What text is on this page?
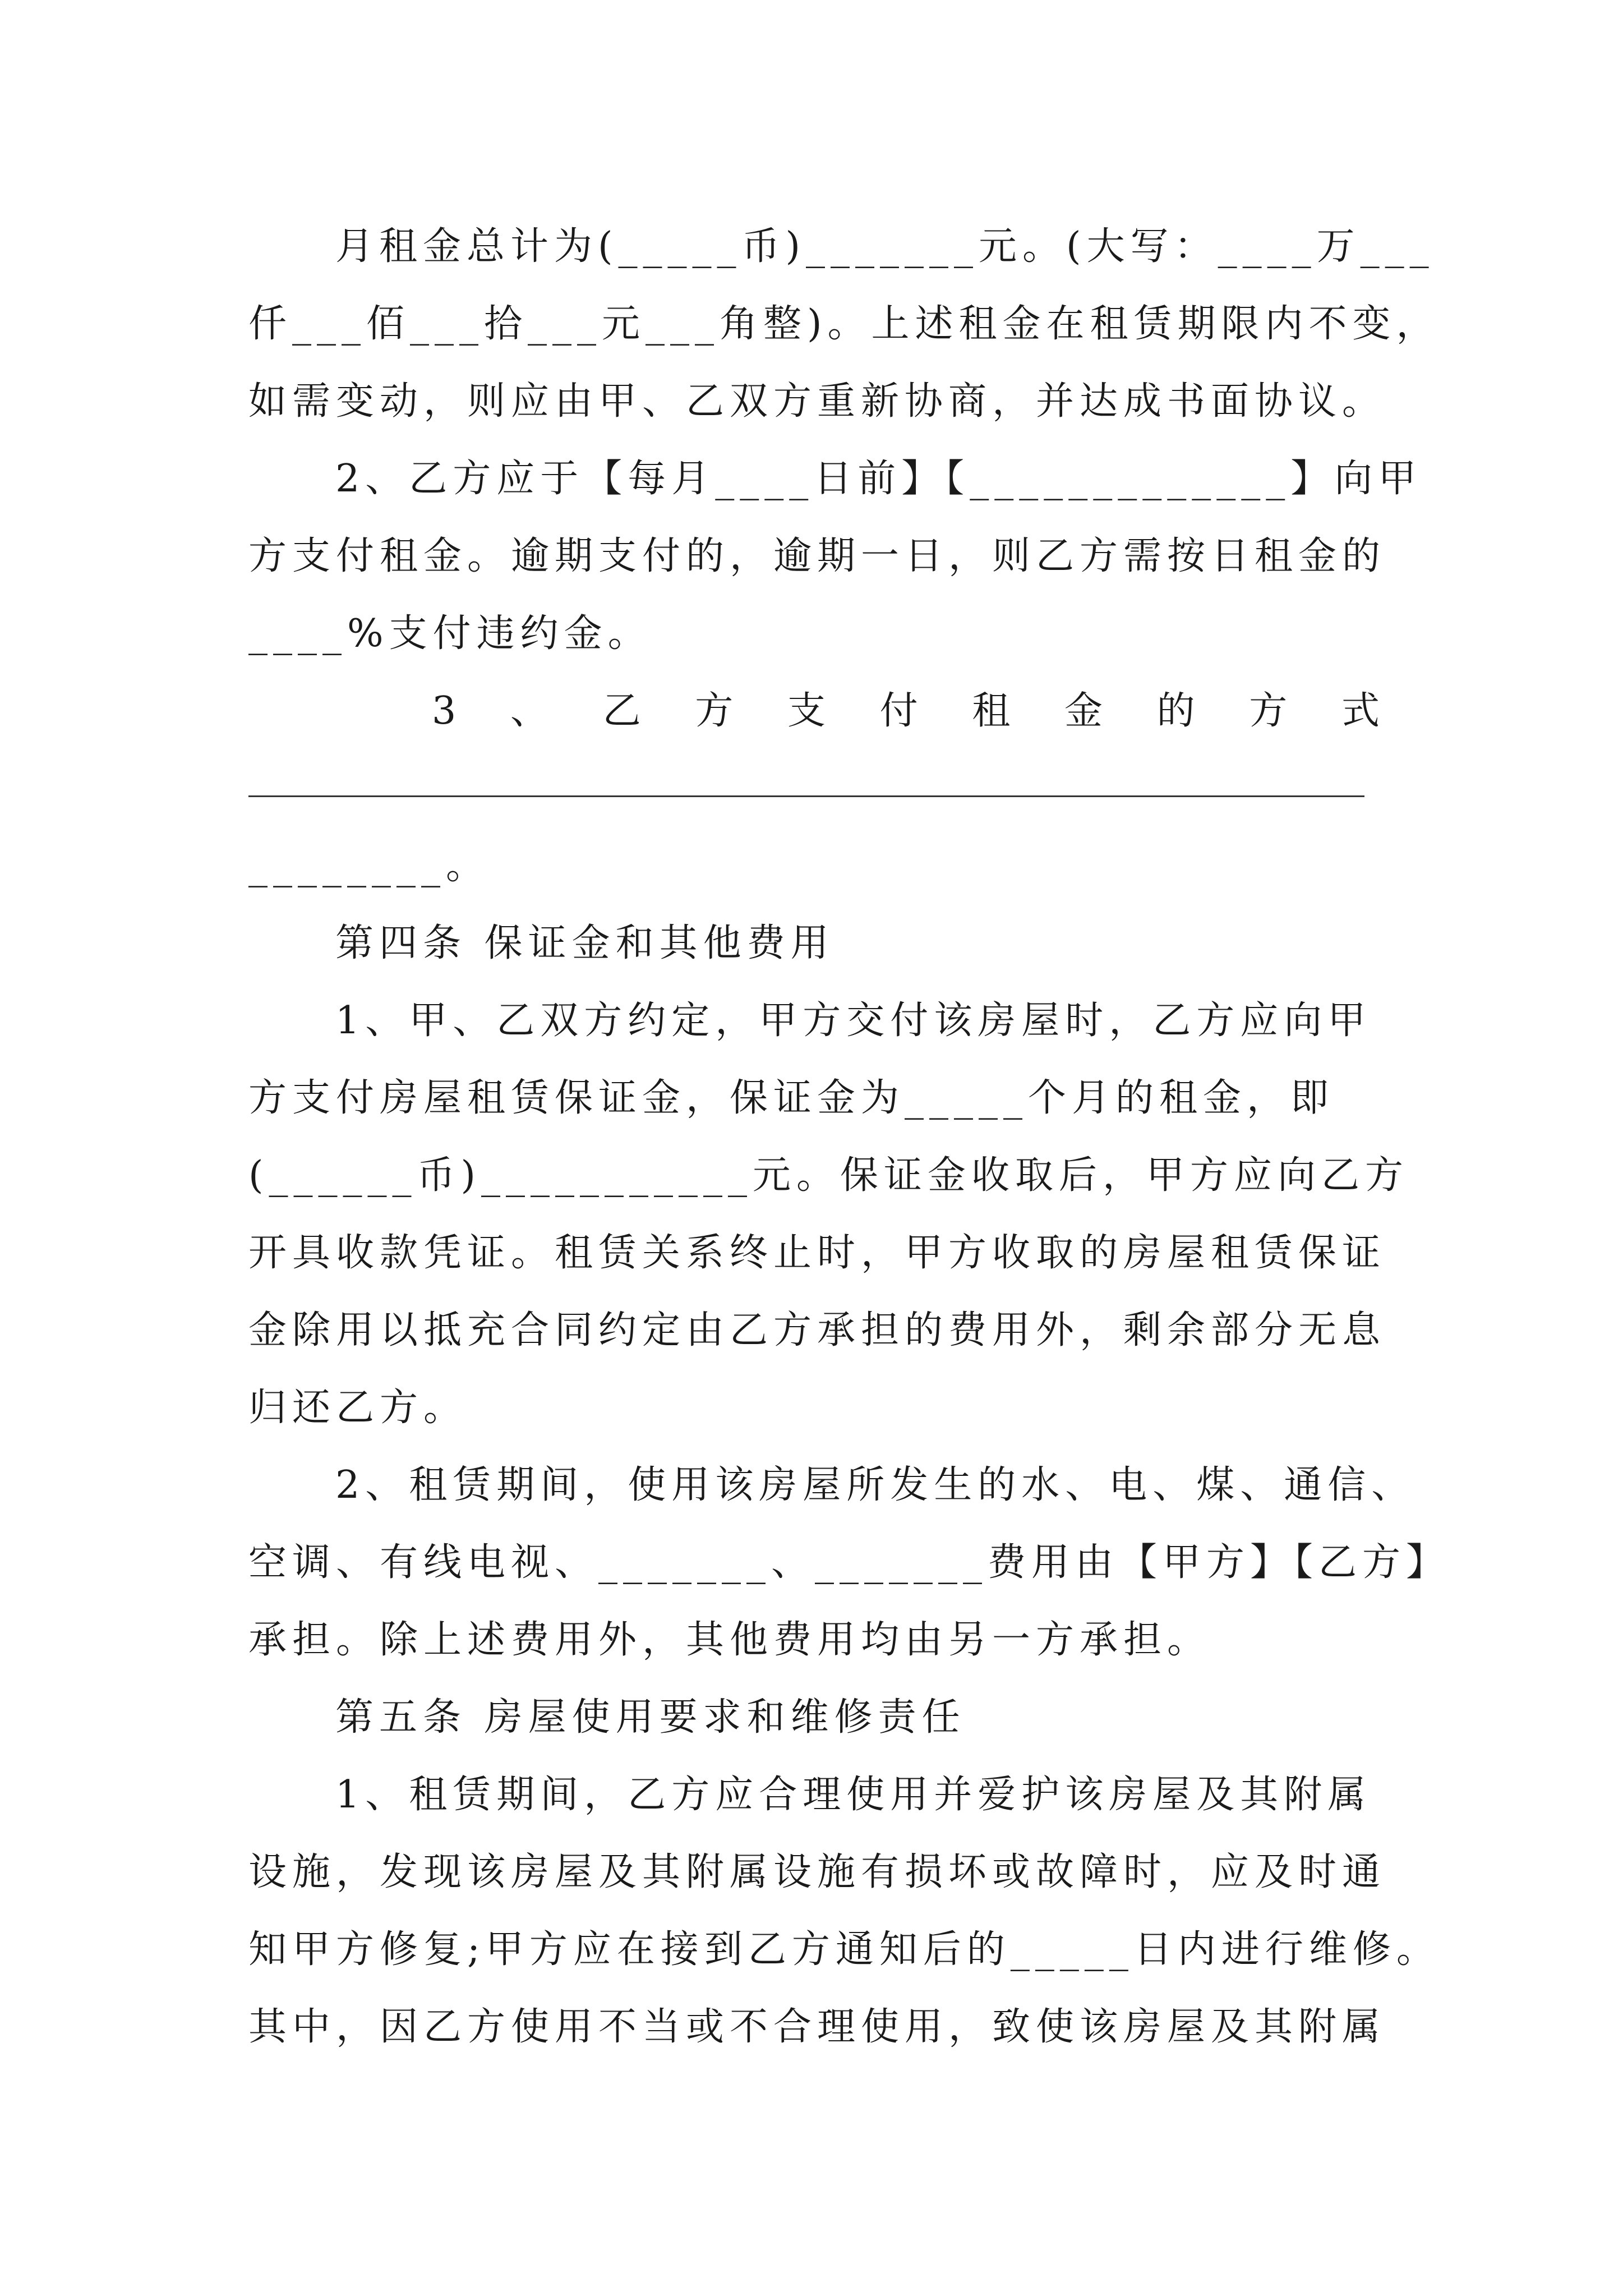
月租金总计为(_____币)_______元。(大写：____万___
仟___佰___拾___元___角整)。上述租金在租赁期限内不变，
如需变动，则应由甲、乙双方重新协商，并达成书面协议。
2、乙方应于【每月____日前】【_____________】向甲
方支付租金。逾期支付的，逾期一日，则乙方需按日租金的
____%支付违约金。
3 、 乙 方 支 付 租 金 的 方 式
________。
第四条 保证金和其他费用
1、甲、乙双方约定，甲方交付该房屋时，乙方应向甲
方支付房屋租赁保证金，保证金为_____个月的租金，即
(______币)___________元。保证金收取后，甲方应向乙方
开具收款凭证。租赁关系终止时，甲方收取的房屋租赁保证
金除用以抵充合同约定由乙方承担的费用外，剩余部分无息
归还乙方。
2、租赁期间，使用该房屋所发生的水、电、煤、通信、
空调、有线电视、_______、_______费用由【甲方】【乙方】
承担。除上述费用外，其他费用均由另一方承担。
第五条 房屋使用要求和维修责任
1、租赁期间，乙方应合理使用并爱护该房屋及其附属
设施，发现该房屋及其附属设施有损坏或故障时，应及时通
知甲方修复;甲方应在接到乙方通知后的_____日内进行维修。
其中，因乙方使用不当或不合理使用，致使该房屋及其附属
